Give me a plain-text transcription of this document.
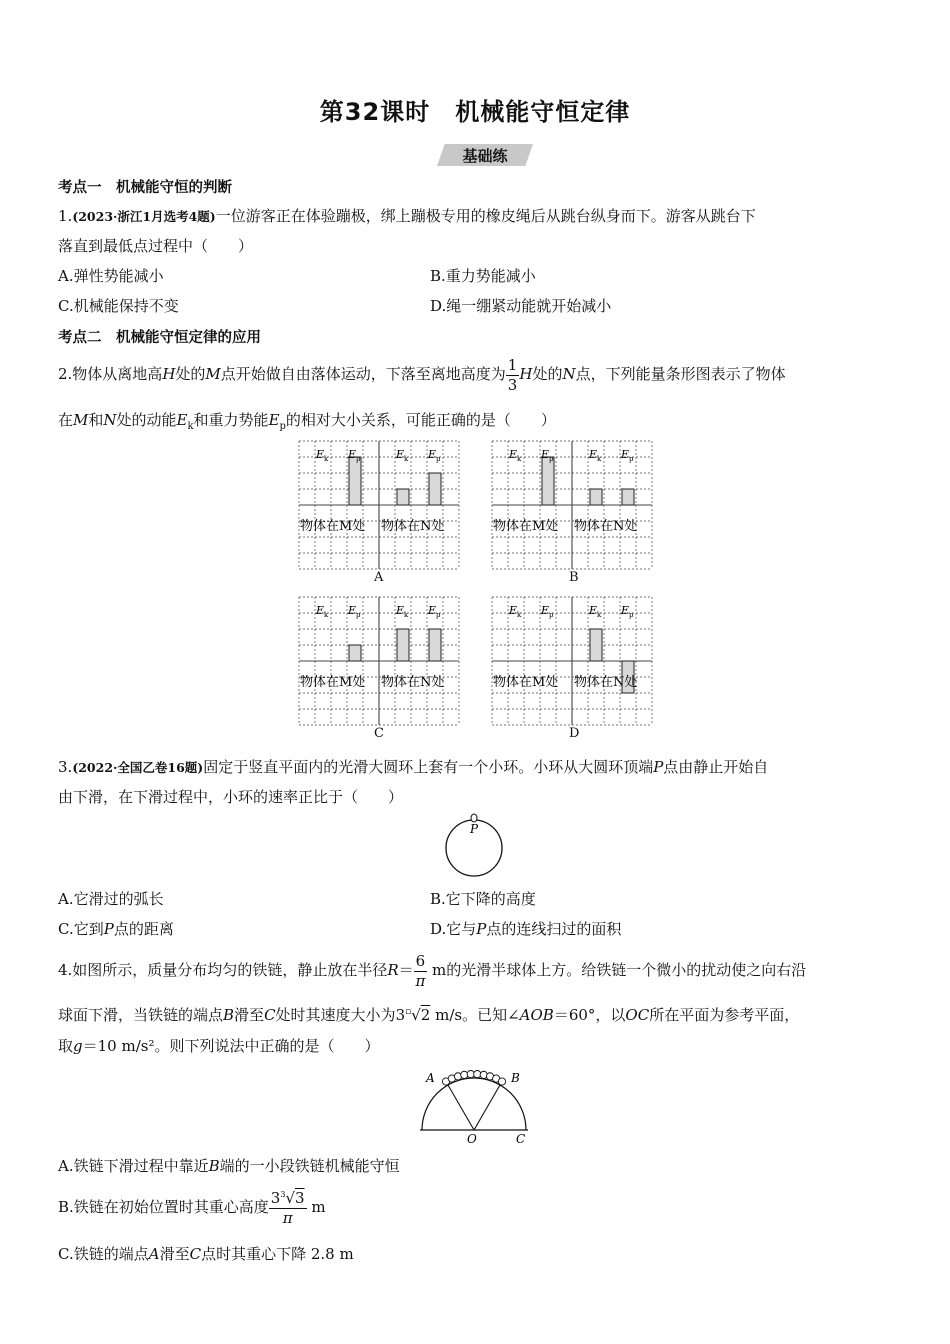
第32课时　机械能守恒定律
基础练
考点一　机械能守恒的判断
1.(2023·浙江1月选考4题)一位游客正在体验蹦极，绑上蹦极专用的橡皮绳后从跳台纵身而下。游客从跳台下
落直到最低点过程中（　　）
A.弹性势能减小	B.重力势能减小
C.机械能保持不变	D.绳一绷紧动能就开始减小
考点二　机械能守恒定律的应用
2.物体从离地高H处的M点开始做自由落体运动，下落至离地高度为 $\frac{1}{3}$ H处的N点，下列能量条形图表示了物体
在M和N处的动能$E_k$和重力势能$E_p$的相对大小关系，可能正确的是（　　）
E k E p	E k E p
物体在M处 物体在N处
E k E p	E k E p
物体在M处 物体在N处
E k E p	E k E p
物体在M处 物体在N处
E k E p	E k E p
物体在M处 物体在N处
A	B
C	D
3.(2022·全国乙卷16题)固定于竖直平面内的光滑大圆环上套有一个小环。小环从大圆环顶端P点由静止开始自
由下滑，在下滑过程中，小环的速率正比于（　　）
P
A.它滑过的弧长	B.它下降的高度
C.它到P点的距离	D.它与P点的连线扫过的面积
4.如图所示，质量分布均匀的铁链，静止放在半径$R= \frac{6}{\pi}$ m的光滑半球体上方。给铁链一个微小的扰动使之向右沿
球面下滑，当铁链的端点B滑至C处时其速度大小为3▫√2 m/s。已知∠AOB＝60°，以OC所在平面为参考平面，
取g＝10 m/s²。则下列说法中正确的是（　　）
A	B
O	C
A.铁链下滑过程中靠近B端的一小段铁链机械能守恒
B.铁链在初始位置时其重心高度 $\frac{3^3√3}{\pi}$ m
C.铁链的端点A滑至C点时其重心下降 2.8 m
